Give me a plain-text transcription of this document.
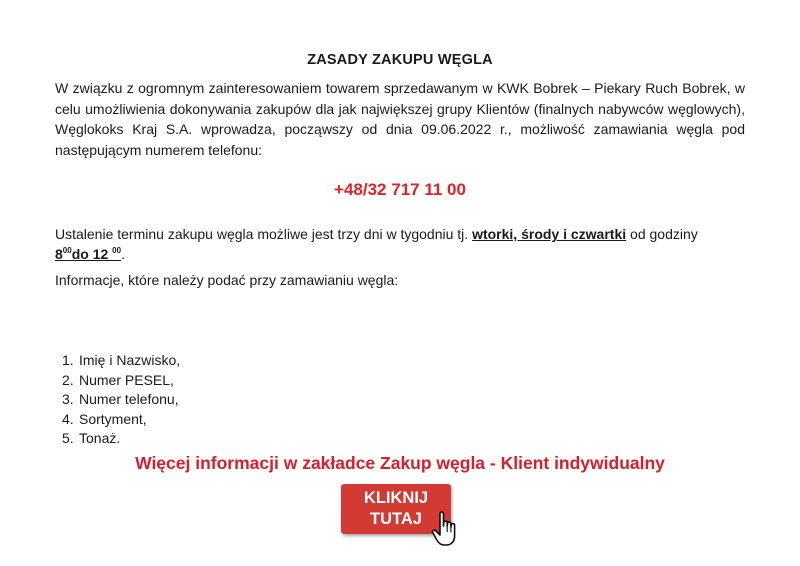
ZASADY ZAKUPU WĘGLA
W związku z ogromnym zainteresowaniem towarem sprzedawanym w KWK Bobrek – Piekary Ruch Bobrek, w celu umożliwienia dokonywania zakupów dla jak największej grupy Klientów (finalnych nabywców węglowych), Węglokoks Kraj S.A. wprowadza, począwszy od dnia 09.06.2022 r., możliwość zamawiania węgla pod następującym numerem telefonu:
+48/32 717 11 00
Ustalenie terminu zakupu węgla możliwe jest trzy dni w tygodniu tj. wtorki, środy i czwartki od godziny
$8^{00}do$ 12 $^{00}$.
Informacje, które należy podać przy zamawianiu węgla:
1. Imię i Nazwisko,
2. Numer PESEL,
3. Numer telefonu,
4. Sortyment,
5. Tonaż.
Więcej informacji w zakładce Zakup węgla - Klient indywidualny
KLIKNIJ
TUTAJ
